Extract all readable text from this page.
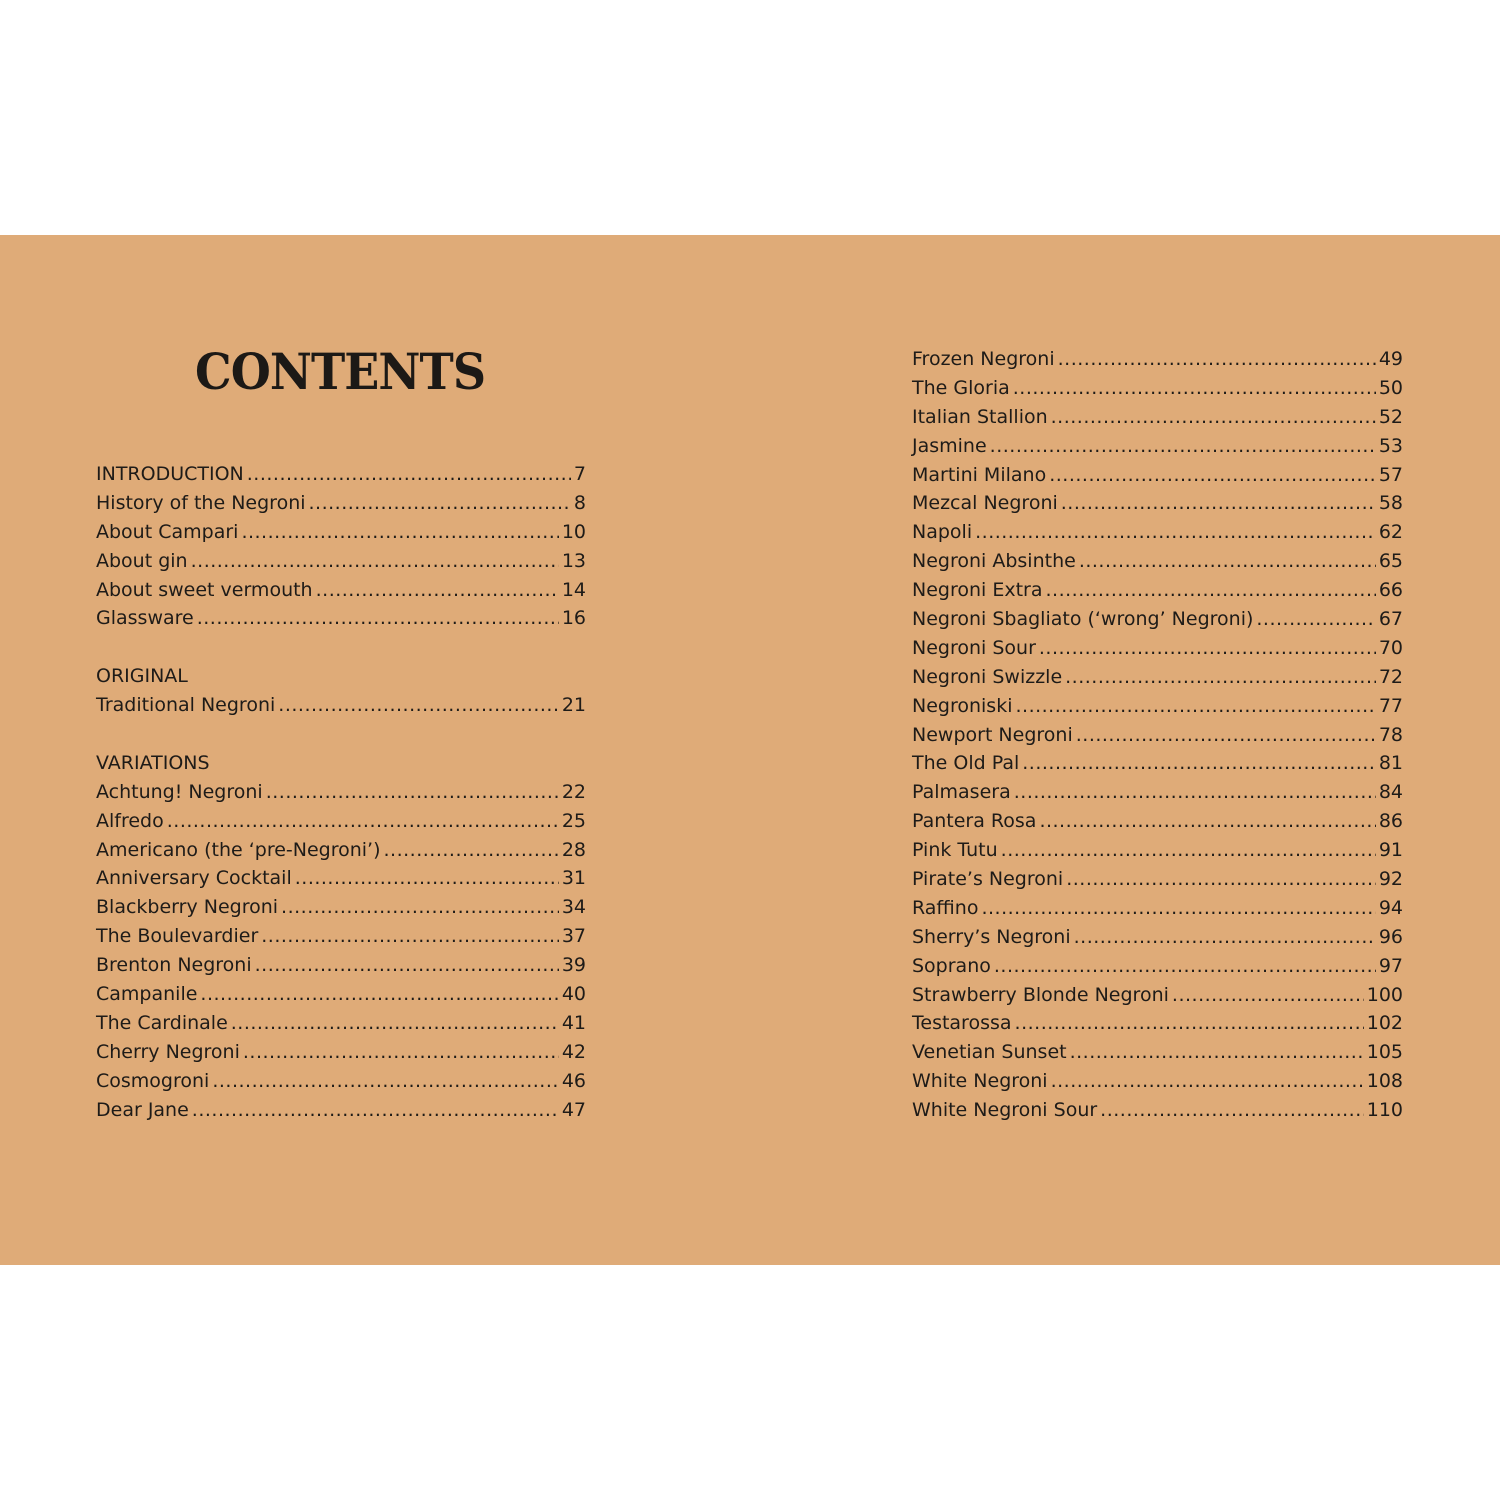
CONTENTS
INTRODUCTION .....	7
History of the Negroni .....	8
About Campari .....	10
About gin .....	13
About sweet vermouth .....	14
Glassware .....	16
ORIGINAL
Traditional Negroni .....	21
VARIATIONS
Achtung! Negroni .....	22
Alfredo .....	25
Americano (the ‘pre-Negroni’) .....	28
Anniversary Cocktail .....	31
Blackberry Negroni .....	34
The Boulevardier .....	37
Brenton Negroni .....	39
Campanile .....	40
The Cardinale .....	41
Cherry Negroni .....	42
Cosmogroni .....	46
Dear Jane .....	47
Frozen Negroni .....	49
The Gloria .....	50
Italian Stallion .....	52
Jasmine .....	53
Martini Milano .....	57
Mezcal Negroni .....	58
Napoli .....	62
Negroni Absinthe .....	65
Negroni Extra .....	66
Negroni Sbagliato (‘wrong’ Negroni) .....	67
Negroni Sour .....	70
Negroni Swizzle .....	72
Negroniski .....	77
Newport Negroni .....	78
The Old Pal .....	81
Palmasera .....	84
Pantera Rosa .....	86
Pink Tutu .....	91
Pirate’s Negroni .....	92
Raffino .....	94
Sherry’s Negroni .....	96
Soprano .....	97
Strawberry Blonde Negroni .....	100
Testarossa .....	102
Venetian Sunset .....	105
White Negroni .....	108
White Negroni Sour .....	110
